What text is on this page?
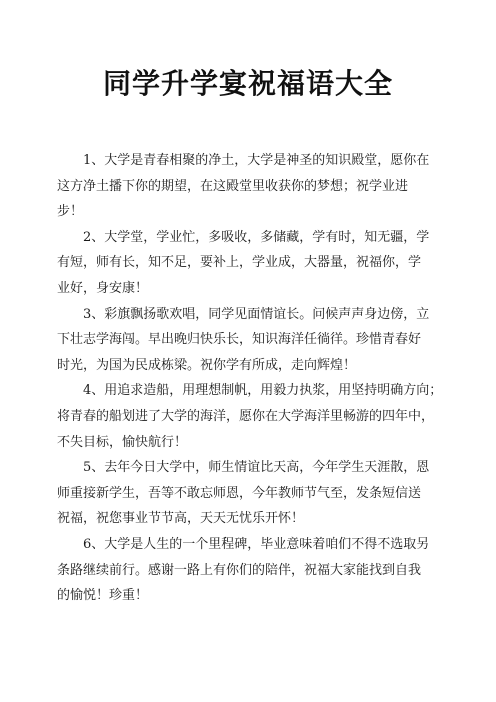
同学升学宴祝福语大全

1、大学是青春相聚的净土，大学是神圣的知识殿堂，愿你在
这方净土播下你的期望，在这殿堂里收获你的梦想；祝学业进
步！

2、大学堂，学业忙，多吸收，多储藏，学有时，知无疆，学
有短，师有长，知不足，要补上，学业成，大器量，祝福你，学
业好，身安康！

3、彩旗飘扬歌欢唱，同学见面情谊长。问候声声身边傍，立
下壮志学海闯。早出晚归快乐长，知识海洋任徜徉。珍惜青春好
时光，为国为民成栋梁。祝你学有所成，走向辉煌！

4、用追求造船，用理想制帆，用毅力执浆，用坚持明确方向；
将青春的船划进了大学的海洋，愿你在大学海洋里畅游的四年中，
不失目标，愉快航行！

5、去年今日大学中，师生情谊比天高，今年学生天涯散，恩
师重接新学生，吾等不敢忘师恩，今年教师节气至，发条短信送
祝福，祝您事业节节高，天天无忧乐开怀！

6、大学是人生的一个里程碑，毕业意味着咱们不得不选取另
条路继续前行。感谢一路上有你们的陪伴，祝福大家能找到自我
的愉悦！珍重！
